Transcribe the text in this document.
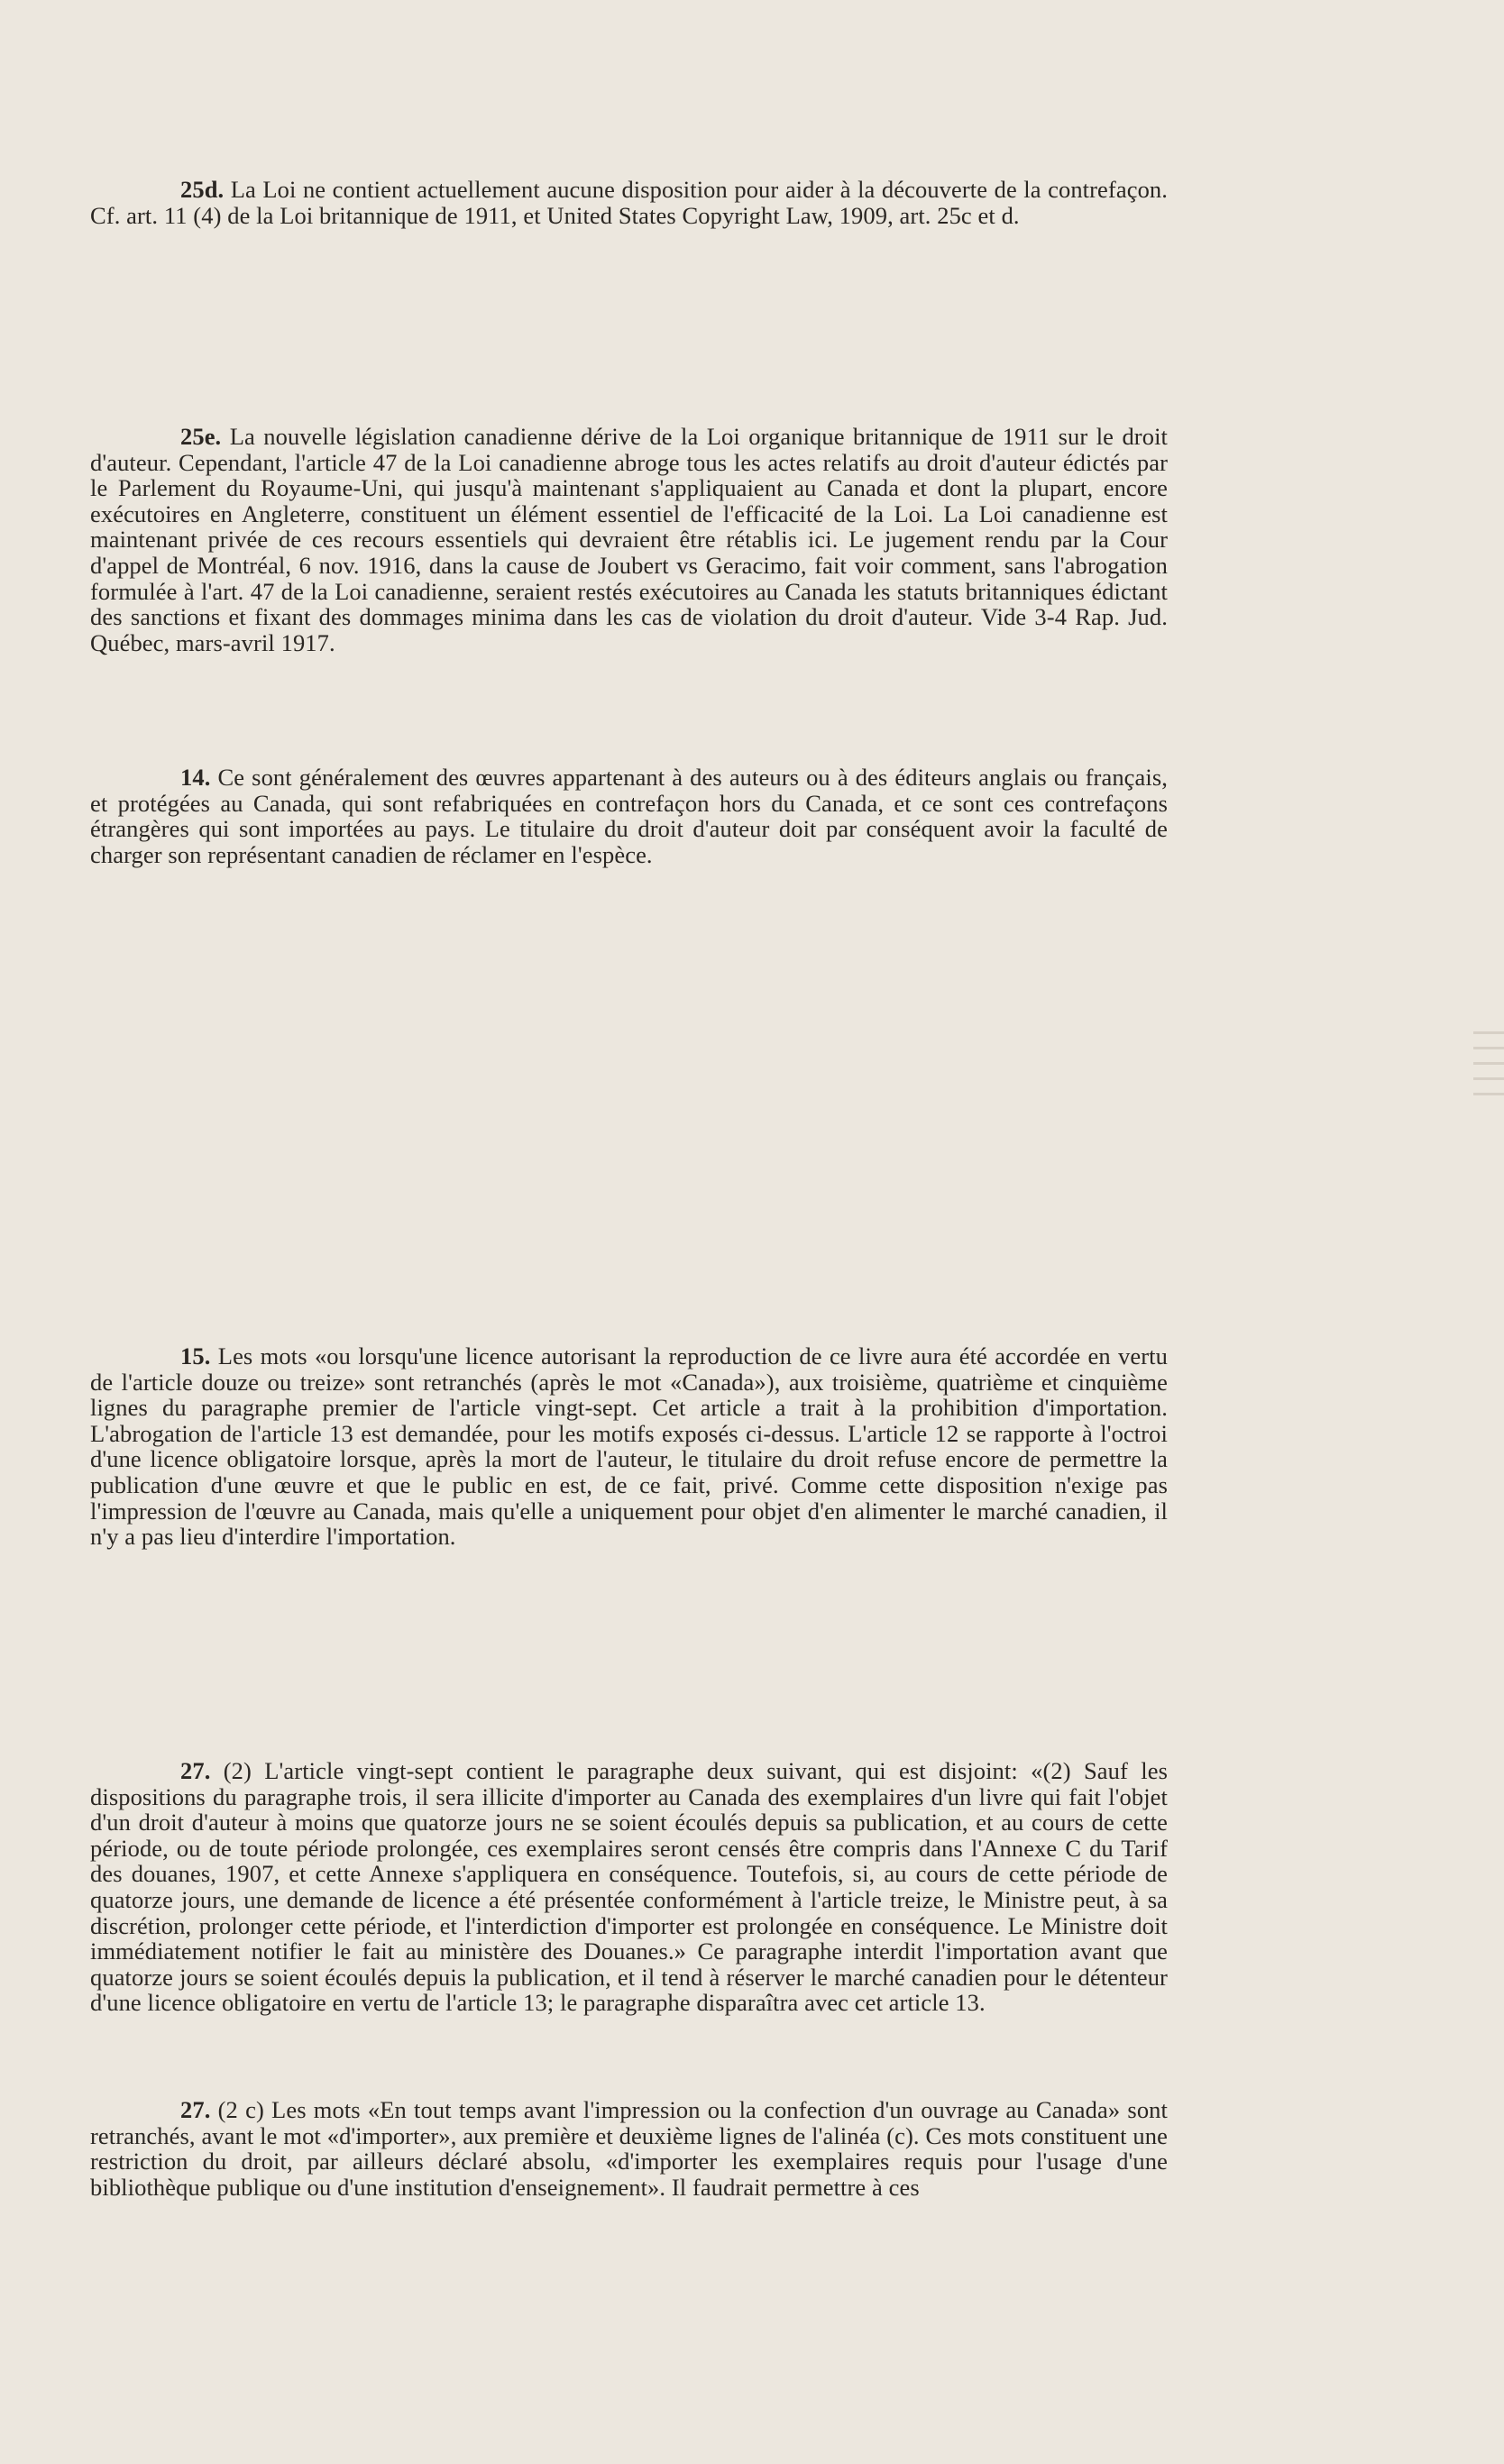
25d. La Loi ne contient actuellement aucune disposition pour aider à la découverte de la contrefaçon. Cf. art. 11 (4) de la Loi britannique de 1911, et United States Copyright Law, 1909, art. 25c et d.

25e. La nouvelle législation canadienne dérive de la Loi organique britannique de 1911 sur le droit d'auteur. Cependant, l'article 47 de la Loi canadienne abroge tous les actes relatifs au droit d'auteur édictés par le Parlement du Royaume-Uni, qui jusqu'à maintenant s'appliquaient au Canada et dont la plupart, encore exécutoires en Angleterre, constituent un élément essentiel de l'efficacité de la Loi. La Loi canadienne est maintenant privée de ces recours essentiels qui devraient être rétablis ici. Le jugement rendu par la Cour d'appel de Montréal, 6 nov. 1916, dans la cause de Joubert vs Geracimo, fait voir comment, sans l'abrogation formulée à l'art. 47 de la Loi canadienne, seraient restés exécutoires au Canada les statuts britanniques édictant des sanctions et fixant des dommages minima dans les cas de violation du droit d'auteur. Vide 3-4 Rap. Jud. Québec, mars-avril 1917.

14. Ce sont généralement des œuvres appartenant à des auteurs ou à des éditeurs anglais ou français, et protégées au Canada, qui sont refabriquées en contrefaçon hors du Canada, et ce sont ces contrefaçons étrangères qui sont importées au pays. Le titulaire du droit d'auteur doit par conséquent avoir la faculté de charger son représentant canadien de réclamer en l'espèce.

15. Les mots «ou lorsqu'une licence autorisant la reproduction de ce livre aura été accordée en vertu de l'article douze ou treize» sont retranchés (après le mot «Canada»), aux troisième, quatrième et cinquième lignes du paragraphe premier de l'article vingt-sept. Cet article a trait à la prohibition d'importation. L'abrogation de l'article 13 est demandée, pour les motifs exposés ci-dessus. L'article 12 se rapporte à l'octroi d'une licence obligatoire lorsque, après la mort de l'auteur, le titulaire du droit refuse encore de permettre la publication d'une œuvre et que le public en est, de ce fait, privé. Comme cette disposition n'exige pas l'impression de l'œuvre au Canada, mais qu'elle a uniquement pour objet d'en alimenter le marché canadien, il n'y a pas lieu d'interdire l'importation.

27. (2) L'article vingt-sept contient le paragraphe deux suivant, qui est disjoint: «(2) Sauf les dispositions du paragraphe trois, il sera illicite d'importer au Canada des exemplaires d'un livre qui fait l'objet d'un droit d'auteur à moins que quatorze jours ne se soient écoulés depuis sa publication, et au cours de cette période, ou de toute période prolongée, ces exemplaires seront censés être compris dans l'Annexe C du Tarif des douanes, 1907, et cette Annexe s'appliquera en conséquence. Toutefois, si, au cours de cette période de quatorze jours, une demande de licence a été présentée conformément à l'article treize, le Ministre peut, à sa discrétion, prolonger cette période, et l'interdiction d'importer est prolongée en conséquence. Le Ministre doit immédiatement notifier le fait au ministère des Douanes.» Ce paragraphe interdit l'importation avant que quatorze jours se soient écoulés depuis la publication, et il tend à réserver le marché canadien pour le détenteur d'une licence obligatoire en vertu de l'article 13; le paragraphe disparaîtra avec cet article 13.

27. (2 c) Les mots «En tout temps avant l'impression ou la confection d'un ouvrage au Canada» sont retranchés, avant le mot «d'importer», aux première et deuxième lignes de l'alinéa (c). Ces mots constituent une restriction du droit, par ailleurs déclaré absolu, «d'importer les exemplaires requis pour l'usage d'une bibliothèque publique ou d'une institution d'enseignement». Il faudrait permettre à ces
